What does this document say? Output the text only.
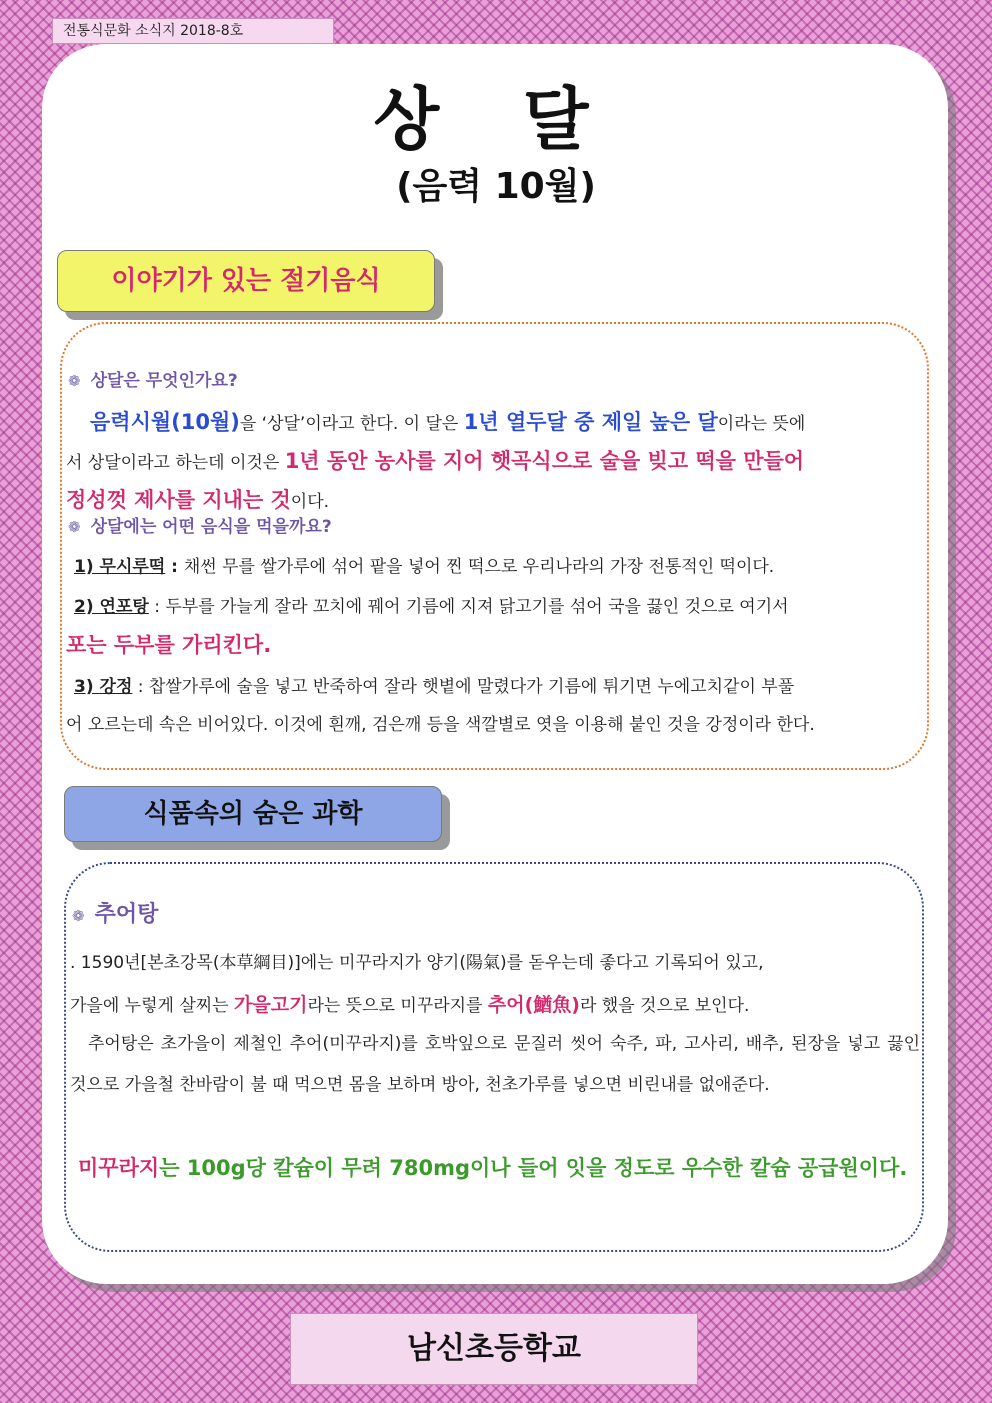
전통식문화 소식지 2018-8호
상 달
(음력 10월)
이야기가 있는 절기음식
❁ 상달은 무엇인가요?
음력시월(10월)을 ‘상달’이라고 한다. 이 달은 1년 열두달 중 제일 높은 달이라는 뜻에
서 상달이라고 하는데 이것은 1년 동안 농사를 지어 햇곡식으로 술을 빚고 떡을 만들어
정성껏 제사를 지내는 것이다.
❁ 상달에는 어떤 음식을 먹을까요?
1) 무시루떡 : 채썬 무를 쌀가루에 섞어 팥을 넣어 찐 떡으로 우리나라의 가장 전통적인 떡이다.
2) 연포탕 : 두부를 가늘게 잘라 꼬치에 꿰어 기름에 지져 닭고기를 섞어 국을 끓인 것으로 여기서
포는 두부를 가리킨다.
3) 강정 : 찹쌀가루에 술을 넣고 반죽하여 잘라 햇볕에 말렸다가 기름에 튀기면 누에고치같이 부풀
어 오르는데 속은 비어있다. 이것에 흰깨, 검은깨 등을 색깔별로 엿을 이용해 붙인 것을 강정이라 한다.
식품속의 숨은 과학
❁ 추어탕
. 1590년[본초강목(本草綱目)]에는 미꾸라지가 양기(陽氣)를 돋우는데 좋다고 기록되어 있고,
가을에 누렇게 살찌는 가을고기라는 뜻으로 미꾸라지를 추어(鰌魚)라 했을 것으로 보인다.
추어탕은 초가을이 제철인 추어(미꾸라지)를 호박잎으로 문질러 씻어 숙주, 파, 고사리, 배추, 된장을 넣고 끓인 것으로 가을철 찬바람이 불 때 먹으면 몸을 보하며 방아, 천초가루를 넣으면 비린내를 없애준다.
미꾸라지는 100g당 칼슘이 무려 780mg이나 들어 잇을 정도로 우수한 칼슘 공급원이다.
남신초등학교
